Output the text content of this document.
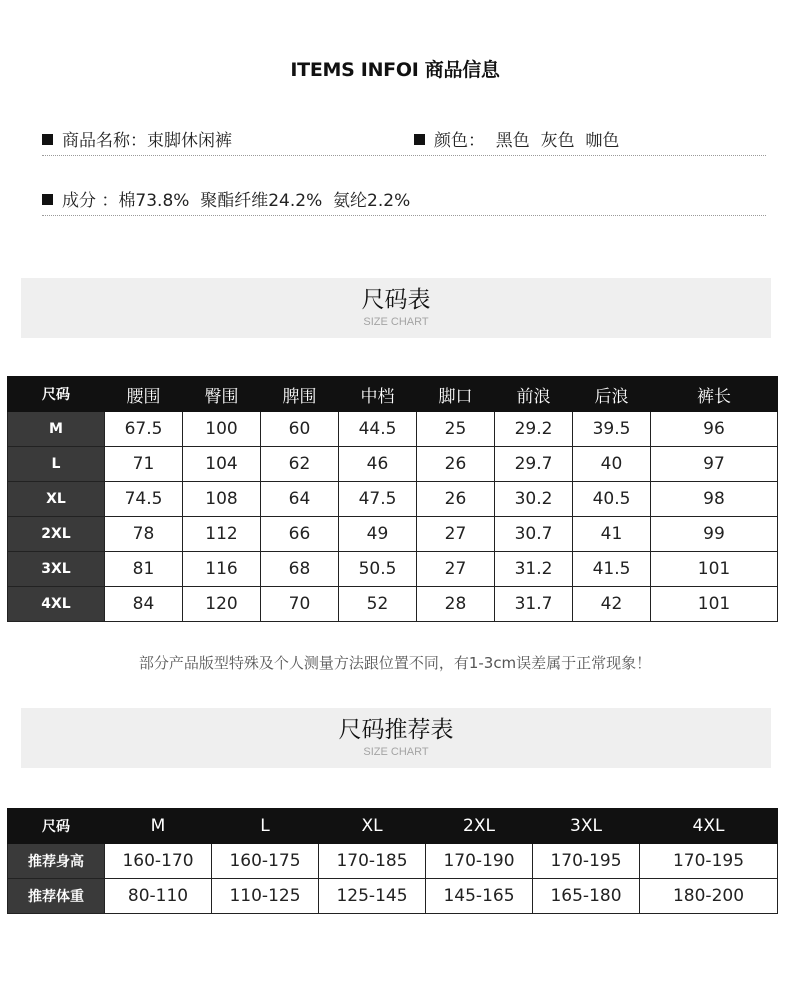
ITEMS INFOI 商品信息
商品名称：束脚休闲裤	颜色：  黑色  灰色  咖色
成分 ：棉73.8%  聚酯纤维24.2%  氨纶2.2%
尺码表
SIZE CHART
尺码	腰围	臀围	脾围	中档	脚口	前浪	后浪	裤长
M	67.5	100	60	44.5	25	29.2	39.5	96
L	71	104	62	46	26	29.7	40	97
XL	74.5	108	64	47.5	26	30.2	40.5	98
2XL	78	112	66	49	27	30.7	41	99
3XL	81	116	68	50.5	27	31.2	41.5	101
4XL	84	120	70	52	28	31.7	42	101
部分产品版型特殊及个人测量方法跟位置不同，有1-3cm误差属于正常现象！
尺码推荐表
SIZE CHART
尺码	M	L	XL	2XL	3XL	4XL
推荐身高	160-170	160-175	170-185	170-190	170-195	170-195
推荐体重	80-110	110-125	125-145	145-165	165-180	180-200
